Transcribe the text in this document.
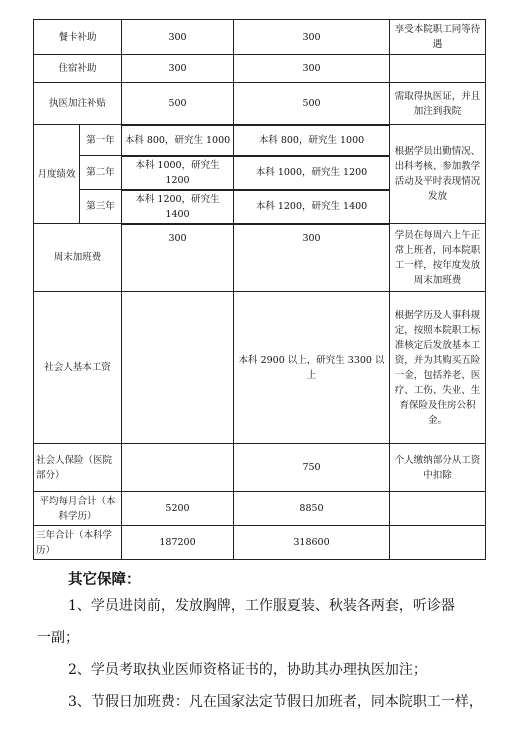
餐卡补助		300	300	享受本院职工同等待遇
住宿补助		300	300	
执医加注补贴		500	500	需取得执医证，并且加注到我院
月度绩效	第一年	本科 800，研究生 1000	本科 800，研究生 1000	根据学员出勤情况、出科考核、参加教学活动及平时表现情况发放
	第二年	本科 1000，研究生 1200	本科 1000，研究生 1200	
	第三年	本科 1200，研究生 1400	本科 1200，研究生 1400	
周末加班费		300	300	学员在每周六上午正常上班者，同本院职工一样，按年度发放周末加班费
社会人基本工资			本科 2900 以上，研究生 3300 以上	根据学历及人事科规定，按照本院职工标准核定后发放基本工资，并为其购买五险一金，包括养老、医疗、工伤、失业、生育保险及住房公积金。
社会人保险（医院部分）			750	个人缴纳部分从工资中扣除
平均每月合计（本科学历）		5200	8850	
三年合计（本科学历）		187200	318600	
其它保障：
1、学员进岗前，发放胸牌，工作服夏装、秋装各两套，听诊器
一副；
2、学员考取执业医师资格证书的，协助其办理执医加注；
3、节假日加班费：凡在国家法定节假日加班者，同本院职工一样，
